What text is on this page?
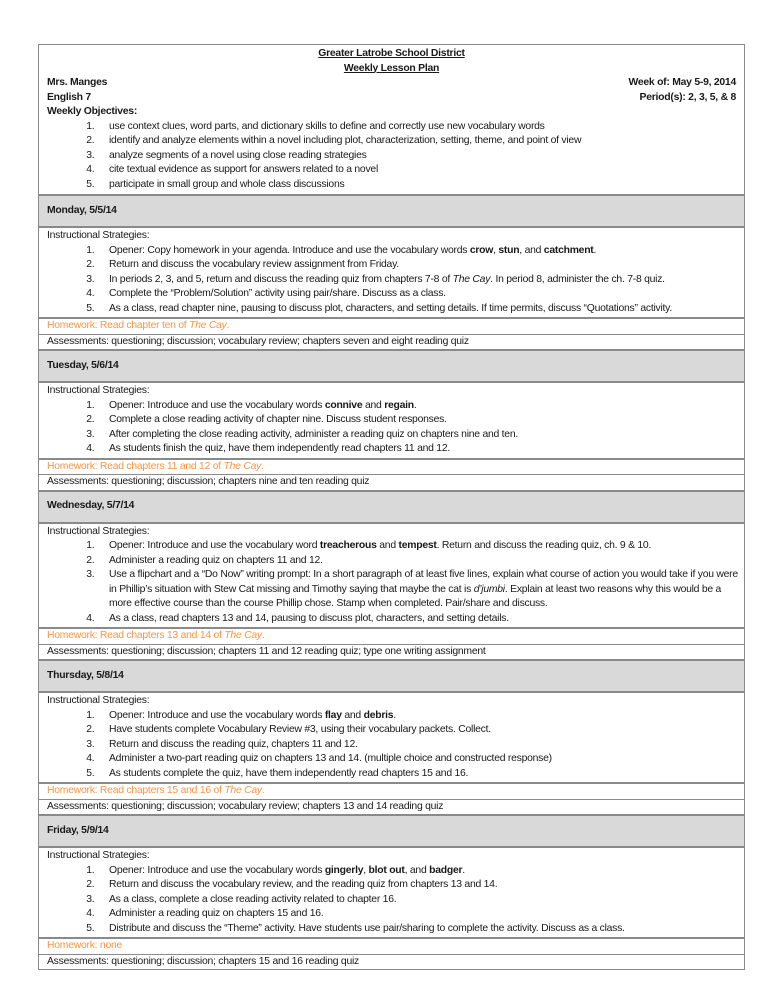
Greater Latrobe School District
Weekly Lesson Plan
Mrs. Manges	Week of: May 5-9, 2014
English 7	Period(s): 2, 3, 5, & 8
Weekly Objectives:
1. use context clues, word parts, and dictionary skills to define and correctly use new vocabulary words
2. identify and analyze elements within a novel including plot, characterization, setting, theme, and point of view
3. analyze segments of a novel using close reading strategies
4. cite textual evidence as support for answers related to a novel
5. participate in small group and whole class discussions

Monday, 5/5/14

Instructional Strategies:
1. Opener: Copy homework in your agenda. Introduce and use the vocabulary words crow, stun, and catchment.
2. Return and discuss the vocabulary review assignment from Friday.
3. In periods 2, 3, and 5, return and discuss the reading quiz from chapters 7-8 of The Cay. In period 8, administer the ch. 7-8 quiz.
4. Complete the “Problem/Solution” activity using pair/share. Discuss as a class.
5. As a class, read chapter nine, pausing to discuss plot, characters, and setting details. If time permits, discuss “Quotations” activity.

Homework: Read chapter ten of The Cay.
Assessments: questioning; discussion; vocabulary review; chapters seven and eight reading quiz
Tuesday, 5/6/14

Instructional Strategies:
1. Opener: Introduce and use the vocabulary words connive and regain.
2. Complete a close reading activity of chapter nine. Discuss student responses.
3. After completing the close reading activity, administer a reading quiz on chapters nine and ten.
4. As students finish the quiz, have them independently read chapters 11 and 12.

Homework: Read chapters 11 and 12 of The Cay.
Assessments: questioning; discussion; chapters nine and ten reading quiz
Wednesday, 5/7/14

Instructional Strategies:
1. Opener: Introduce and use the vocabulary word treacherous and tempest. Return and discuss the reading quiz, ch. 9 & 10.
2. Administer a reading quiz on chapters 11 and 12.
3. Use a flipchart and a “Do Now” writing prompt: In a short paragraph of at least five lines, explain what course of action you would take if you were in Phillip’s situation with Stew Cat missing and Timothy saying that maybe the cat is d’jumbi. Explain at least two reasons why this would be a more effective course than the course Phillip chose. Stamp when completed. Pair/share and discuss.
4. As a class, read chapters 13 and 14, pausing to discuss plot, characters, and setting details.

Homework: Read chapters 13 and 14 of The Cay.
Assessments: questioning; discussion; chapters 11 and 12 reading quiz; type one writing assignment
Thursday, 5/8/14

Instructional Strategies:
1. Opener: Introduce and use the vocabulary words flay and debris.
2. Have students complete Vocabulary Review #3, using their vocabulary packets. Collect.
3. Return and discuss the reading quiz, chapters 11 and 12.
4. Administer a two-part reading quiz on chapters 13 and 14. (multiple choice and constructed response)
5. As students complete the quiz, have them independently read chapters 15 and 16.

Homework: Read chapters 15 and 16 of The Cay.
Assessments: questioning; discussion; vocabulary review; chapters 13 and 14 reading quiz
Friday, 5/9/14

Instructional Strategies:
1. Opener: Introduce and use the vocabulary words gingerly, blot out, and badger.
2. Return and discuss the vocabulary review, and the reading quiz from chapters 13 and 14.
3. As a class, complete a close reading activity related to chapter 16.
4. Administer a reading quiz on chapters 15 and 16.
5. Distribute and discuss the “Theme” activity. Have students use pair/sharing to complete the activity. Discuss as a class.

Homework: none
Assessments: questioning; discussion; chapters 15 and 16 reading quiz
